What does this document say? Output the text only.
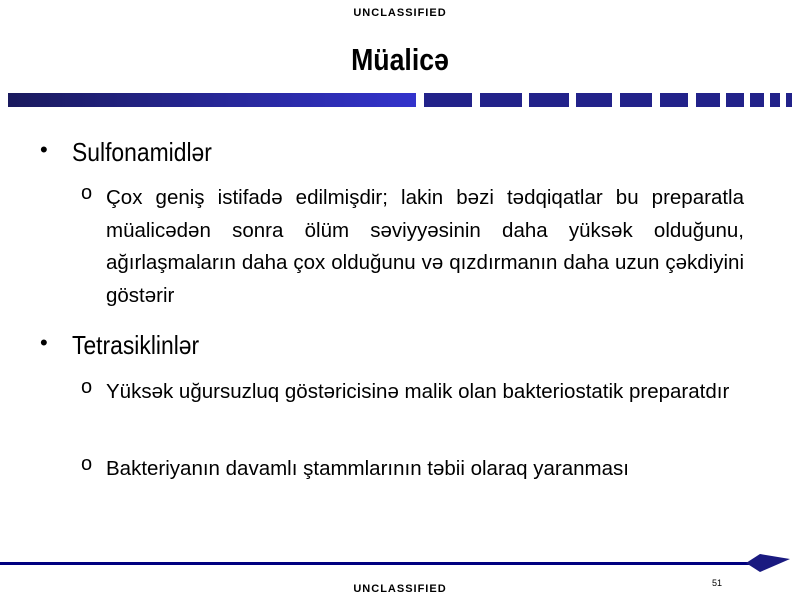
UNCLASSIFIED
Müalicə
• Sulfonamidlər
o Çox geniş istifadə edilmişdir; lakin bəzi tədqiqatlar bu preparatla müalicədən sonra ölüm səviyyəsinin daha yüksək olduğunu, ağırlaşmaların daha çox olduğunu və qızdırmanın daha uzun çəkdiyini göstərir
• Tetrasiklinlər
o Yüksək uğursuzluq göstəricisinə malik olan bakteriostatik preparatdır
o Bakteriyanın davamlı ştammlarının təbii olaraq yaranması
51
UNCLASSIFIED
